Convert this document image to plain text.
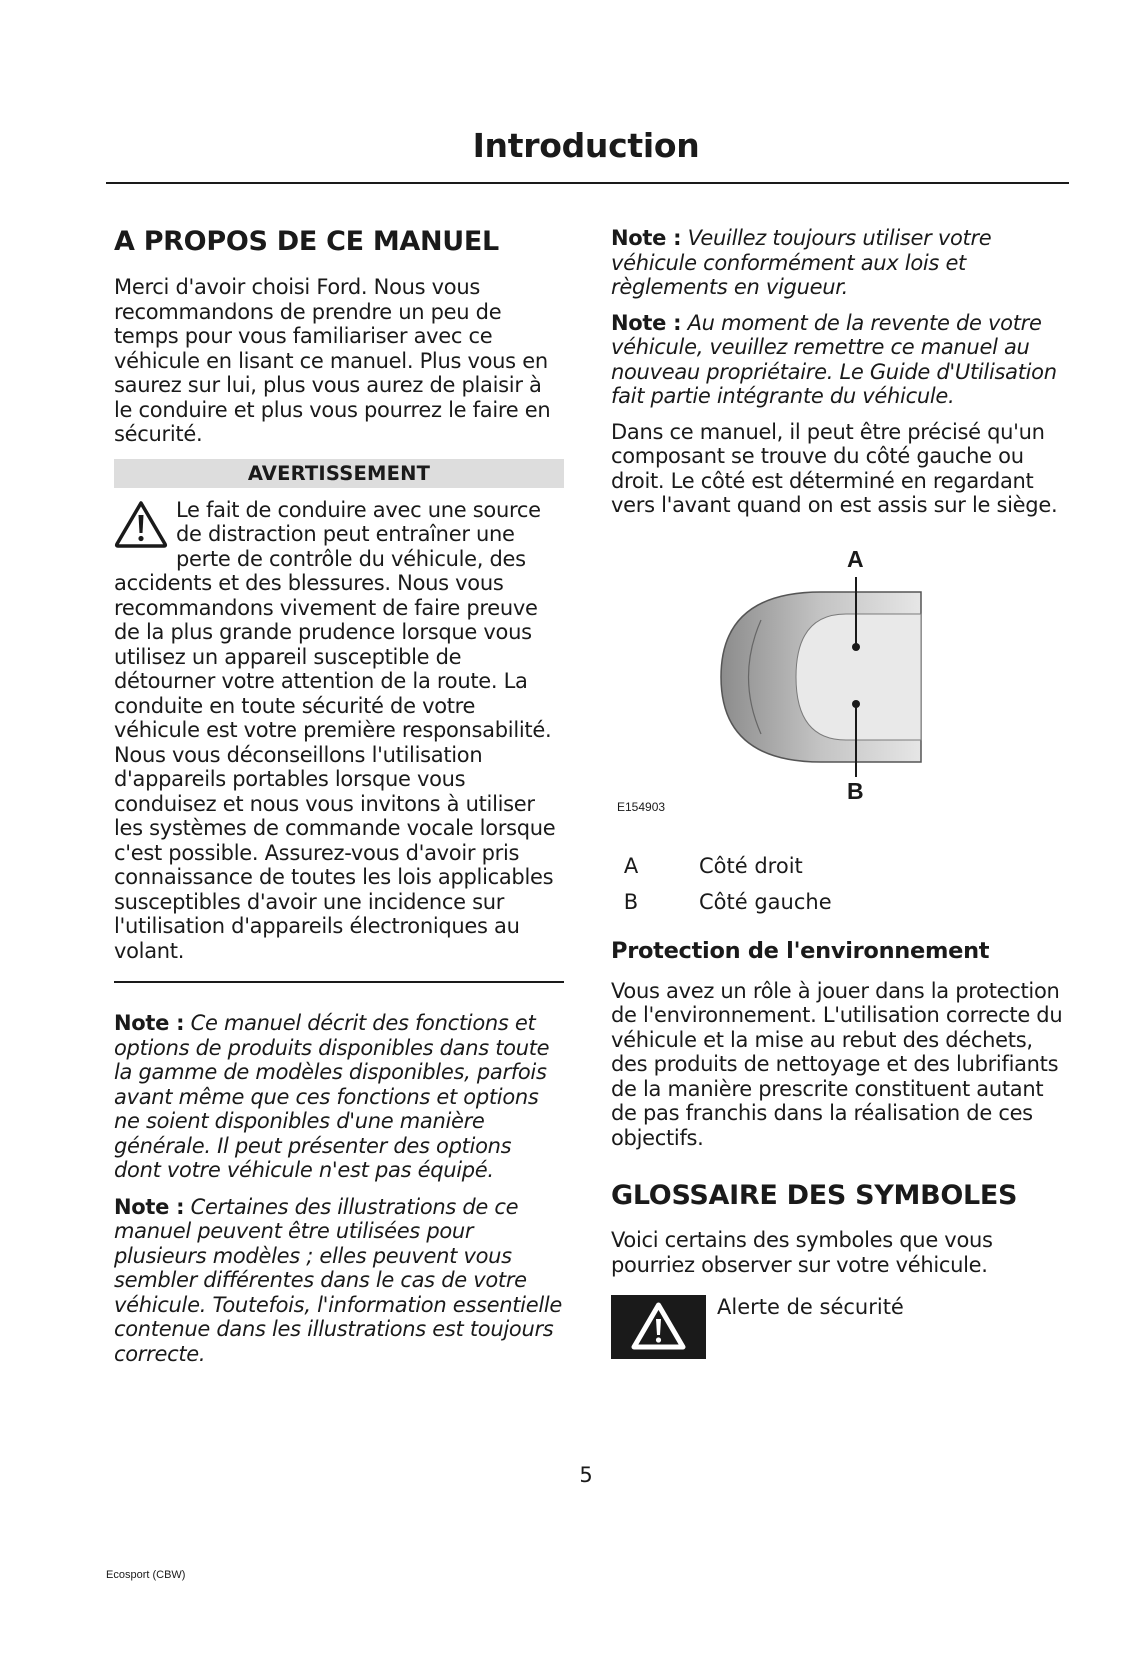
Introduction
A PROPOS DE CE MANUEL

Merci d'avoir choisi Ford. Nous vous recommandons de prendre un peu de temps pour vous familiariser avec ce véhicule en lisant ce manuel. Plus vous en saurez sur lui, plus vous aurez de plaisir à le conduire et plus vous pourrez le faire en sécurité.

AVERTISSEMENT

Le fait de conduire avec une source de distraction peut entraîner une perte de contrôle du véhicule, des accidents et des blessures. Nous vous recommandons vivement de faire preuve de la plus grande prudence lorsque vous utilisez un appareil susceptible de détourner votre attention de la route. La conduite en toute sécurité de votre véhicule est votre première responsabilité. Nous vous déconseillons l'utilisation d'appareils portables lorsque vous conduisez et nous vous invitons à utiliser les systèmes de commande vocale lorsque c'est possible. Assurez-vous d'avoir pris connaissance de toutes les lois applicables susceptibles d'avoir une incidence sur l'utilisation d'appareils électroniques au volant.

Note : Ce manuel décrit des fonctions et options de produits disponibles dans toute la gamme de modèles disponibles, parfois avant même que ces fonctions et options ne soient disponibles d'une manière générale. Il peut présenter des options dont votre véhicule n'est pas équipé.

Note : Certaines des illustrations de ce manuel peuvent être utilisées pour plusieurs modèles ; elles peuvent vous sembler différentes dans le cas de votre véhicule. Toutefois, l'information essentielle contenue dans les illustrations est toujours correcte.

Note : Veuillez toujours utiliser votre véhicule conformément aux lois et règlements en vigueur.

Note : Au moment de la revente de votre véhicule, veuillez remettre ce manuel au nouveau propriétaire. Le Guide d'Utilisation fait partie intégrante du véhicule.

Dans ce manuel, il peut être précisé qu'un composant se trouve du côté gauche ou droit. Le côté est déterminé en regardant vers l'avant quand on est assis sur le siège.

A
B
E154903
A	Côté droit
B	Côté gauche
Protection de l'environnement

Vous avez un rôle à jouer dans la protection de l'environnement. L'utilisation correcte du véhicule et la mise au rebut des déchets, des produits de nettoyage et des lubrifiants de la manière prescrite constituent autant de pas franchis dans la réalisation de ces objectifs.

GLOSSAIRE DES SYMBOLES

Voici certains des symboles que vous pourriez observer sur votre véhicule.

Alerte de sécurité
5
Ecosport (CBW)
